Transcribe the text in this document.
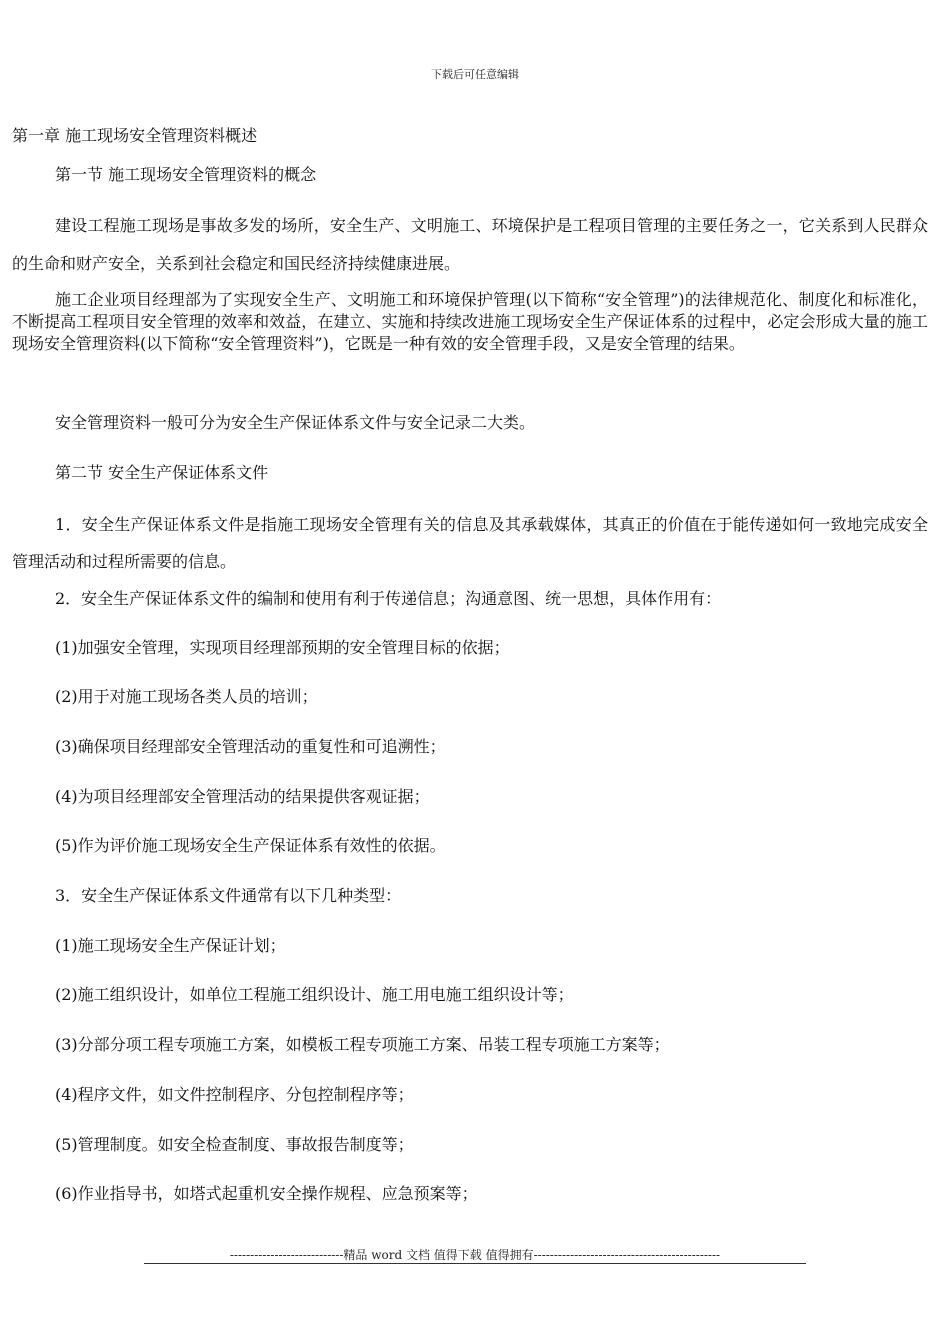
下载后可任意编辑
第一章 施工现场安全管理资料概述
第一节 施工现场安全管理资料的概念
建设工程施工现场是事故多发的场所，安全生产、文明施工、环境保护是工程项目管理的主要任务之一，它关系到人民群众的生命和财产安全，关系到社会稳定和国民经济持续健康进展。
施工企业项目经理部为了实现安全生产、文明施工和环境保护管理(以下简称“安全管理”)的法律规范化、制度化和标准化，不断提高工程项目安全管理的效率和效益，在建立、实施和持续改进施工现场安全生产保证体系的过程中，必定会形成大量的施工现场安全管理资料(以下简称“安全管理资料”)，它既是一种有效的安全管理手段，又是安全管理的结果。
安全管理资料一般可分为安全生产保证体系文件与安全记录二大类。
第二节 安全生产保证体系文件
1．安全生产保证体系文件是指施工现场安全管理有关的信息及其承载媒体，其真正的价值在于能传递如何一致地完成安全管理活动和过程所需要的信息。
2．安全生产保证体系文件的编制和使用有利于传递信息；沟通意图、统一思想，具体作用有：
(1)加强安全管理，实现项目经理部预期的安全管理目标的依据；
(2)用于对施工现场各类人员的培训；
(3)确保项目经理部安全管理活动的重复性和可追溯性；
(4)为项目经理部安全管理活动的结果提供客观证据；
(5)作为评价施工现场安全生产保证体系有效性的依据。
3．安全生产保证体系文件通常有以下几种类型：
(1)施工现场安全生产保证计划；
(2)施工组织设计，如单位工程施工组织设计、施工用电施工组织设计等；
(3)分部分项工程专项施工方案，如模板工程专项施工方案、吊装工程专项施工方案等；
(4)程序文件，如文件控制程序、分包控制程序等；
(5)管理制度。如安全检查制度、事故报告制度等；
(6)作业指导书，如塔式起重机安全操作规程、应急预案等；
----------------------------精品 word 文档 值得下载 值得拥有----------------------------------------------
